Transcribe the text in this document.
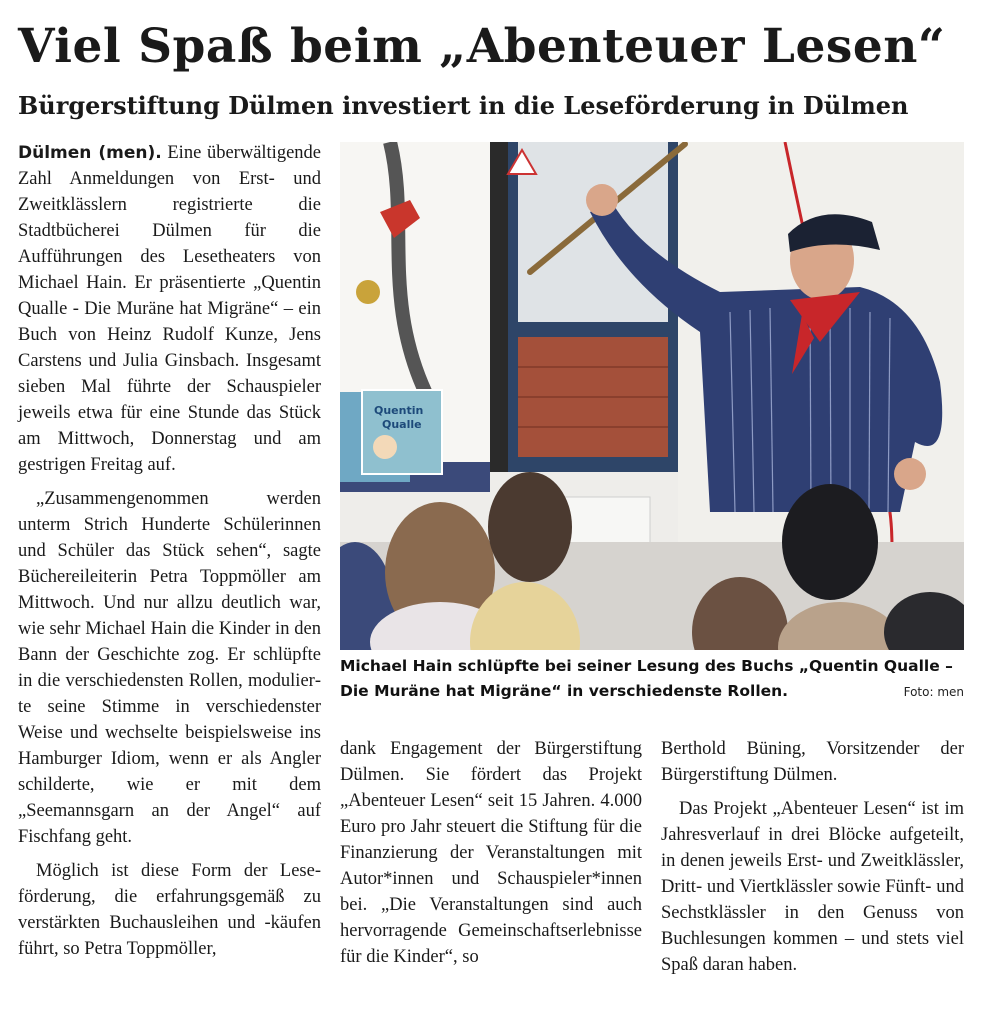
Viel Spaß beim „Abenteuer Lesen“
Bürgerstiftung Dülmen investiert in die Leseförderung in Dülmen

Dülmen (men). Eine überwältigende Zahl Anmeldungen von Erst- und Zweitklässlern registrierte die Stadtbücherei Dülmen für die Aufführungen des Lesetheaters von Michael Hain. Er präsentierte „Quentin Qualle - Die Muräne hat Migräne“ – ein Buch von Heinz Rudolf Kunze, Jens Carstens und Julia Ginsbach. Insgesamt sieben Mal führte der Schauspieler jeweils etwa für eine Stunde das Stück am Mittwoch, Donnerstag und am gestrigen Freitag auf.

„Zusammengenommen werden unterm Strich Hunderte Schülerinnen und Schüler das Stück sehen“, sagte Büchereileiterin Petra Toppmöller am Mittwoch. Und nur allzu deutlich war, wie sehr Michael Hain die Kinder in den Bann der Geschichte zog. Er schlüpfte in die verschiedensten Rollen, modulierte seine Stimme in verschiedenster Weise und wechselte beispielsweise ins Hamburger Idiom, wenn er als Angler schilderte, wie er mit dem „Seemannsgarn an der Angel“ auf Fischfang geht.

Möglich ist diese Form der Leseförderung, die erfahrungsgemäß zu verstärkten Buchausleihen und -käufen führt, so Petra Toppmöller,

dank Engagement der Bürgerstiftung Dülmen. Sie fördert das Projekt „Abenteuer Lesen“ seit 15 Jahren. 4.000 Euro pro Jahr steuert die Stiftung für die Finanzierung der Veranstaltungen mit Autor*innen und Schauspieler*innen bei. „Die Veranstaltungen sind auch hervorragende Gemeinschaftserlebnisse für die Kinder“, so

Berthold Büning, Vorsitzender der Bürgerstiftung Dülmen.

Das Projekt „Abenteuer Lesen“ ist im Jahresverlauf in drei Blöcke aufgeteilt, in denen jeweils Erst- und Zweitklässler, Dritt- und Viertklässler sowie Fünft- und Sechstklässler in den Genuss von Buchlesungen kommen – und stets viel Spaß daran haben.

Quentin
Qualle
Michael Hain schlüpfte bei seiner Lesung des Buchs „Quentin Qualle – Die Muräne hat Migräne“ in verschiedenste Rollen.	Foto: men
